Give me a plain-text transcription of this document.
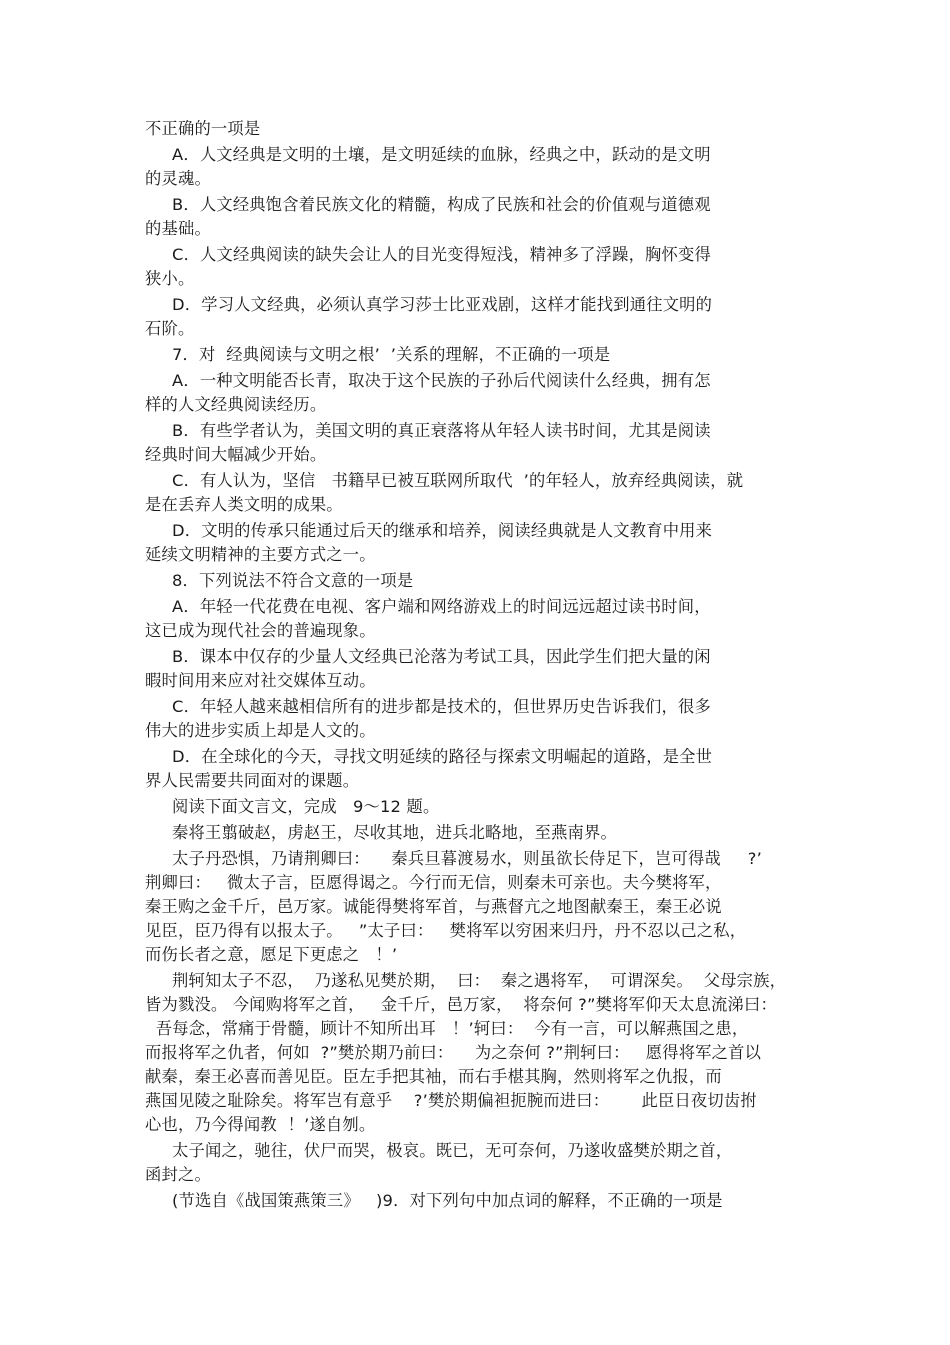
不正确的一项是
A．人文经典是文明的土壤，是文明延续的血脉，经典之中，跃动的是文明
的灵魂。
B．人文经典饱含着民族文化的精髓，构成了民族和社会的价值观与道德观
的基础。
C．人文经典阅读的缺失会让人的目光变得短浅，精神多了浮躁，胸怀变得
狭小。
D．学习人文经典，必须认真学习莎士比亚戏剧，这样才能找到通往文明的
石阶。
7．对  经典阅读与文明之根’  ’关系的理解，不正确的一项是
A．一种文明能否长青，取决于这个民族的子孙后代阅读什么经典，拥有怎
样的人文经典阅读经历。
B．有些学者认为，美国文明的真正衰落将从年轻人读书时间，尤其是阅读
经典时间大幅减少开始。
C．有人认为，坚信   书籍早已被互联网所取代  ’的年轻人，放弃经典阅读，就
是在丢弃人类文明的成果。
D．文明的传承只能通过后天的继承和培养，阅读经典就是人文教育中用来
延续文明精神的主要方式之一。
8．下列说法不符合文意的一项是
A．年轻一代花费在电视、客户端和网络游戏上的时间远远超过读书时间，
这已成为现代社会的普遍现象。
B．课本中仅存的少量人文经典已沦落为考试工具，因此学生们把大量的闲
暇时间用来应对社交媒体互动。
C．年轻人越来越相信所有的进步都是技术的，但世界历史告诉我们，很多
伟大的进步实质上却是人文的。
D．在全球化的今天，寻找文明延续的路径与探索文明崛起的道路，是全世
界人民需要共同面对的课题。
阅读下面文言文，完成   9～12 题。
秦将王翦破赵，虏赵王，尽收其地，进兵北略地，至燕南界。
太子丹恐惧，乃请荆卿曰：    秦兵旦暮渡易水，则虽欲长侍足下，岂可得哉     ?’
荆卿曰：   微太子言，臣愿得谒之。今行而无信，则秦未可亲也。夫今樊将军，
秦王购之金千斤，邑万家。诚能得樊将军首，与燕督亢之地图献秦王，秦王必说
见臣，臣乃得有以报太子。   ”太子曰：   樊将军以穷困来归丹，丹不忍以己之私，
而伤长者之意，愿足下更虑之   ！’
荆轲知太子不忍，  乃遂私见樊於期，  曰：  秦之遇将军，  可谓深矣。  父母宗族，
皆为戮没。 今闻购将军之首，   金千斤，邑万家，  将奈何 ?”樊将军仰天太息流涕曰：
吾每念，常痛于骨髓，顾计不知所出耳   ！’轲曰：  今有一言，可以解燕国之患，
而报将军之仇者，何如  ?”樊於期乃前曰：    为之奈何 ?”荆轲曰：   愿得将军之首以
献秦，秦王必喜而善见臣。臣左手把其袖，而右手椹其胸，然则将军之仇报，而
燕国见陵之耻除矣。将军岂有意乎    ?’樊於期偏袒扼腕而进曰：      此臣日夜切齿拊
心也，乃今得闻教  ！’遂自刎。
太子闻之，驰往，伏尸而哭，极哀。既已，无可奈何，乃遂收盛樊於期之首，
函封之。
(节选自《战国策燕策三》   )9．对下列句中加点词的解释，不正确的一项是
